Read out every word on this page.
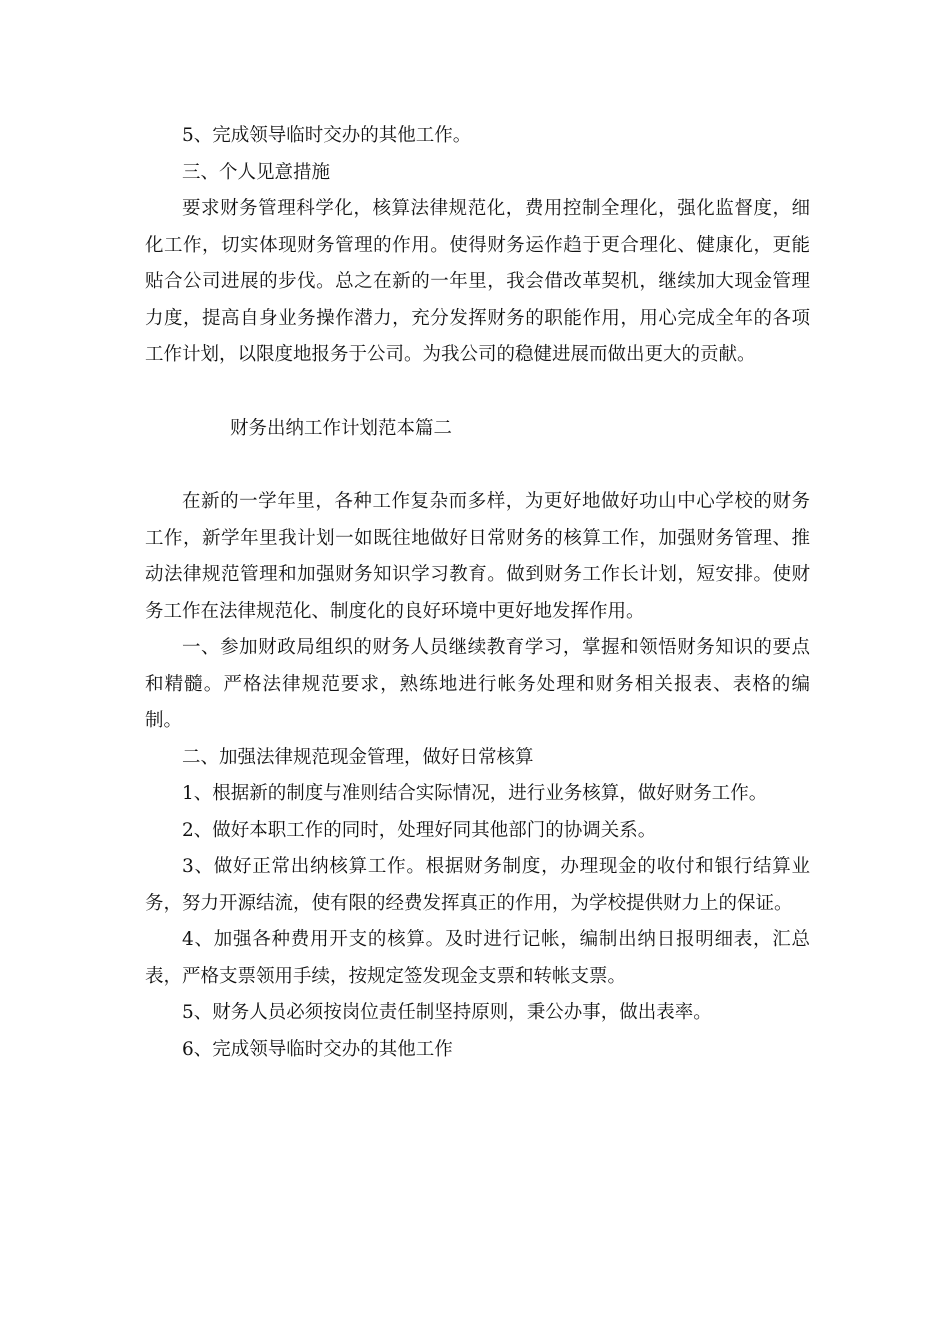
5、完成领导临时交办的其他工作。

三、个人见意措施

要求财务管理科学化，核算法律规范化，费用控制全理化，强化监督度，细化工作，切实体现财务管理的作用。使得财务运作趋于更合理化、健康化，更能贴合公司进展的步伐。总之在新的一年里，我会借改革契机，继续加大现金管理力度，提高自身业务操作潜力，充分发挥财务的职能作用，用心完成全年的各项工作计划，以限度地报务于公司。为我公司的稳健进展而做出更大的贡献。

财务出纳工作计划范本篇二

在新的一学年里，各种工作复杂而多样，为更好地做好功山中心学校的财务工作，新学年里我计划一如既往地做好日常财务的核算工作，加强财务管理、推动法律规范管理和加强财务知识学习教育。做到财务工作长计划，短安排。使财务工作在法律规范化、制度化的良好环境中更好地发挥作用。

一、参加财政局组织的财务人员继续教育学习，掌握和领悟财务知识的要点和精髓。严格法律规范要求，熟练地进行帐务处理和财务相关报表、表格的编制。

二、加强法律规范现金管理，做好日常核算

1、根据新的制度与准则结合实际情况，进行业务核算，做好财务工作。

2、做好本职工作的同时，处理好同其他部门的协调关系。

3、做好正常出纳核算工作。根据财务制度，办理现金的收付和银行结算业务，努力开源结流，使有限的经费发挥真正的作用，为学校提供财力上的保证。

4、加强各种费用开支的核算。及时进行记帐，编制出纳日报明细表，汇总表，严格支票领用手续，按规定签发现金支票和转帐支票。

5、财务人员必须按岗位责任制坚持原则，秉公办事，做出表率。

6、完成领导临时交办的其他工作
